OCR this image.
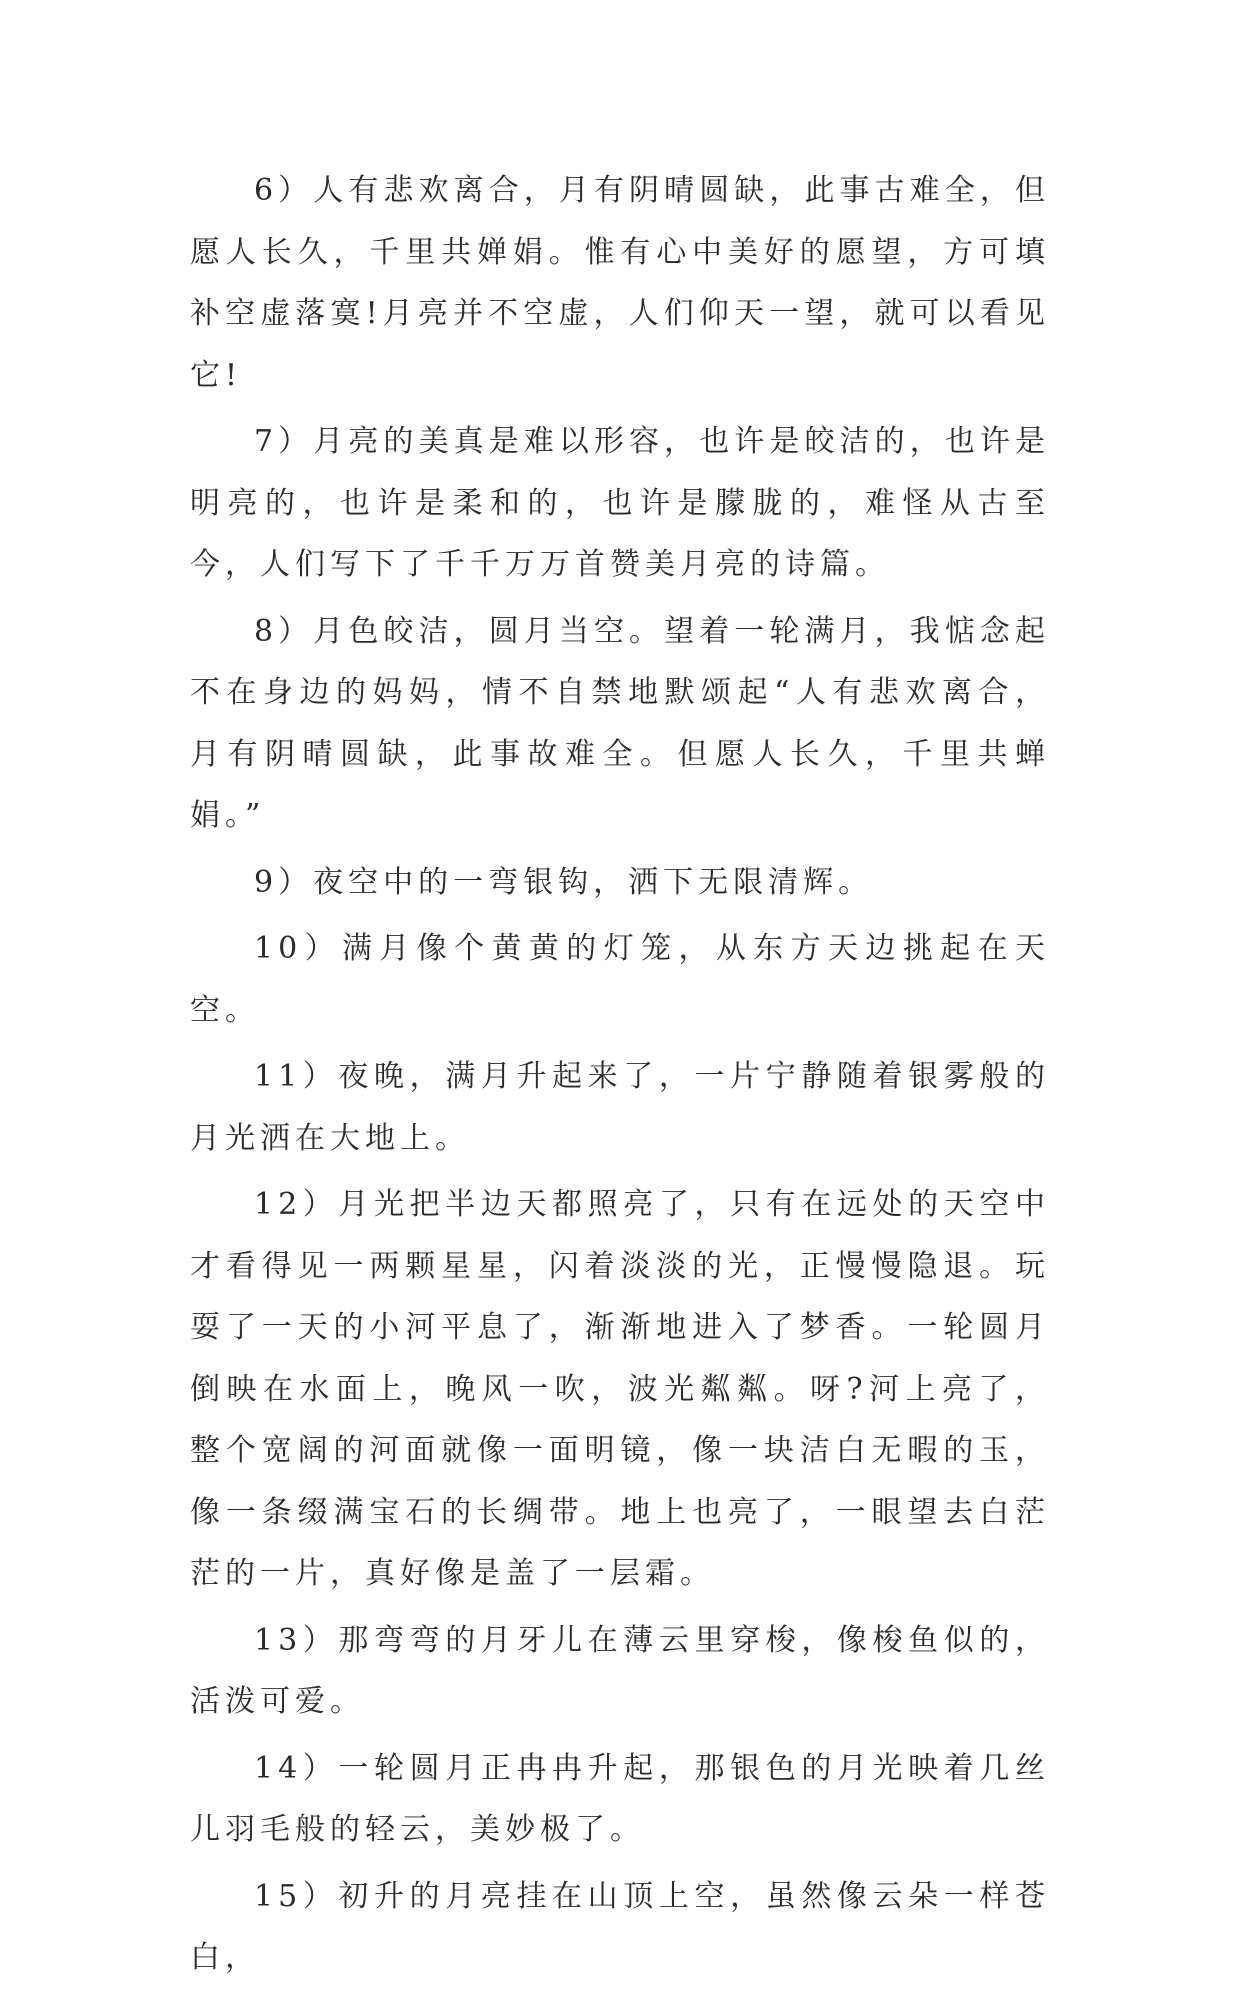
6）人有悲欢离合，月有阴晴圆缺，此事古难全，但愿人长久，千里共婵娟。惟有心中美好的愿望，方可填补空虚落寞!月亮并不空虚，人们仰天一望，就可以看见它!

7）月亮的美真是难以形容，也许是皎洁的，也许是明亮的，也许是柔和的，也许是朦胧的，难怪从古至今，人们写下了千千万万首赞美月亮的诗篇。

8）月色皎洁，圆月当空。望着一轮满月，我惦念起不在身边的妈妈，情不自禁地默颂起“人有悲欢离合，月有阴晴圆缺，此事故难全。但愿人长久，千里共蝉娟。”

9）夜空中的一弯银钩，洒下无限清辉。

10）满月像个黄黄的灯笼，从东方天边挑起在天空。

11）夜晚，满月升起来了，一片宁静随着银雾般的月光洒在大地上。

12）月光把半边天都照亮了，只有在远处的天空中才看得见一两颗星星，闪着淡淡的光，正慢慢隐退。玩耍了一天的小河平息了，渐渐地进入了梦香。一轮圆月倒映在水面上，晚风一吹，波光粼粼。呀?河上亮了，整个宽阔的河面就像一面明镜，像一块洁白无暇的玉，像一条缀满宝石的长绸带。地上也亮了，一眼望去白茫茫的一片，真好像是盖了一层霜。

13）那弯弯的月牙儿在薄云里穿梭，像梭鱼似的，活泼可爱。

14）一轮圆月正冉冉升起，那银色的月光映着几丝儿羽毛般的轻云，美妙极了。

15）初升的月亮挂在山顶上空，虽然像云朵一样苍白，
